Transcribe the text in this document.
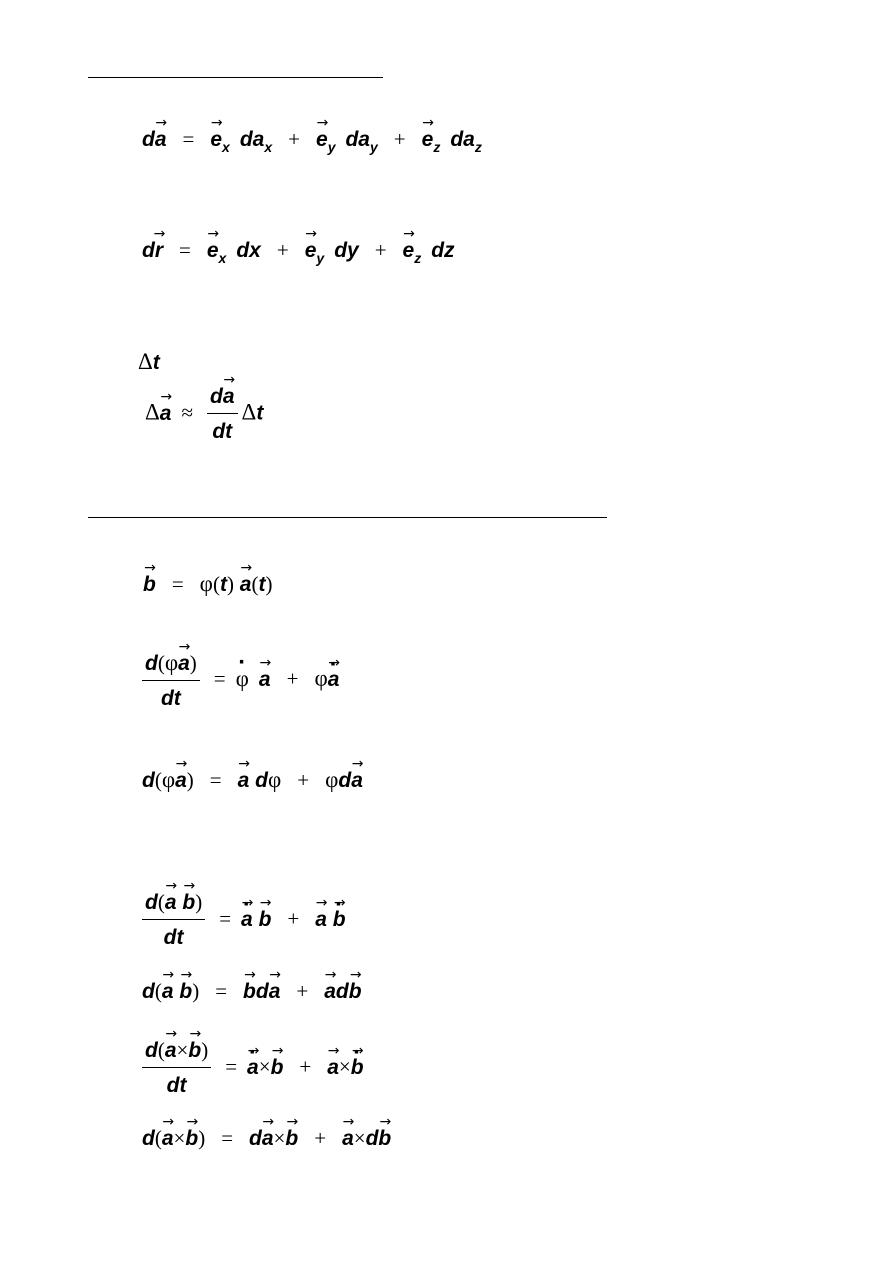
$d\to a =\to e_x$ $da_x +\to e_y$ $da_y +\to e_z$ $da_z$
$d\to r =\to e_x$ dx +→ $e_y$ dy +→ $e_z$ dz
Δt
$\Delta\to a \approx \frac{d\to a}{dt}$ Δt
→ b = φ(t) → a(t)
$\frac{d(\varphi\to a)}{dt} = \varphi \cdot\to a + \varphi\to a$ ·
d(φ→ a) =→ a dφ + φd→ a
$\frac{d(\to a \to b)}{dt} =\to a$ · → b +→ a → b ·
d(→ a → b) =→ bd→ a +→ ad→ b
$\frac{d(\to a\times\to b)}{dt} =\to a$ ·×→ b +→ a×→ b ·
d(→ a×→ b) = d→ a×→ b +→ a×d→ b
